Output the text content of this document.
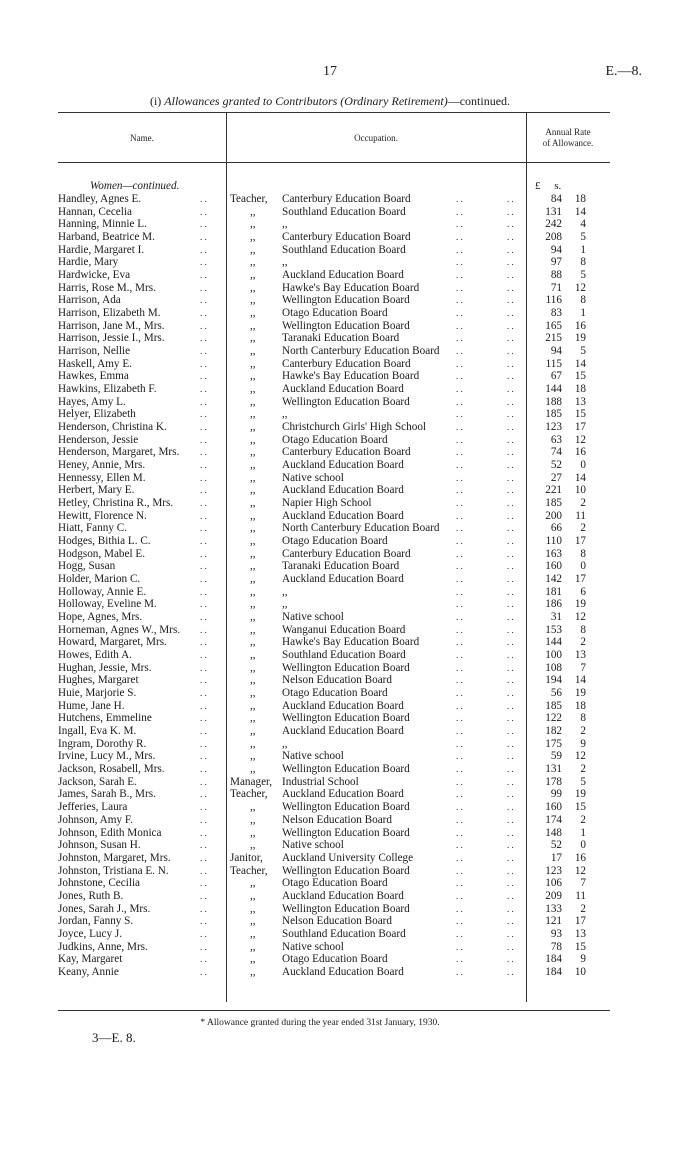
17	E.—8.
(i) Allowances granted to Contributors (Ordinary Retirement)—continued.
Name.	Occupation.
Annual Rate
of Allowance.
Women—continued.	£ s.
Handley, Agnes E.	. .	Teacher,	Canterbury Education Board	. .	. .	84	18
Hannan, Cecelia	. .	,,	Southland Education Board	. .	. .	131	14
Hanning, Minnie L.	. .	,,	,,	. .	. .	242	4
Harband, Beatrice M.	. .	,,	Canterbury Education Board	. .	. .	208	5
Hardie, Margaret I.	. .	,,	Southland Education Board	. .	. .	94	1
Hardie, Mary	. .	,,	,,	. .	. .	97	8
Hardwicke, Eva	. .	,,	Auckland Education Board	. .	. .	88	5
Harris, Rose M., Mrs.	. .	,,	Hawke's Bay Education Board	. .	. .	71	12
Harrison, Ada	. .	,,	Wellington Education Board	. .	. .	116	8
Harrison, Elizabeth M.	. .	,,	Otago Education Board	. .	. .	83	1
Harrison, Jane M., Mrs.	. .	,,	Wellington Education Board	. .	. .	165	16
Harrison, Jessie I., Mrs.	. .	,,	Taranaki Education Board	. .	. .	215	19
Harrison, Nellie	. .	,,	North Canterbury Education Board	. .	. .	94	5
Haskell, Amy E.	. .	,,	Canterbury Education Board	. .	. .	115	14
Hawkes, Emma	. .	,,	Hawke's Bay Education Board	. .	. .	67	15
Hawkins, Elizabeth F.	. .	,,	Auckland Education Board	. .	. .	144	18
Hayes, Amy L.	. .	,,	Wellington Education Board	. .	. .	188	13
Helyer, Elizabeth	. .	,,	,,	. .	. .	185	15
Henderson, Christina K.	. .	,,	Christchurch Girls' High School	. .	. .	123	17
Henderson, Jessie	. .	,,	Otago Education Board	. .	. .	63	12
Henderson, Margaret, Mrs.	. .	,,	Canterbury Education Board	. .	. .	74	16
Heney, Annie, Mrs.	. .	,,	Auckland Education Board	. .	. .	52	0
Hennessy, Ellen M.	. .	,,	Native school	. .	. .	27	14
Herbert, Mary E.	. .	,,	Auckland Education Board	. .	. .	221	10
Hetley, Christina R., Mrs.	. .	,,	Napier High School	. .	. .	185	2
Hewitt, Florence N.	. .	,,	Auckland Education Board	. .	. .	200	11
Hiatt, Fanny C.	. .	,,	North Canterbury Education Board	. .	. .	66	2
Hodges, Bithia L. C.	. .	,,	Otago Education Board	. .	. .	110	17
Hodgson, Mabel E.	. .	,,	Canterbury Education Board	. .	. .	163	8
Hogg, Susan	. .	,,	Taranaki Education Board	. .	. .	160	0
Holder, Marion C.	. .	,,	Auckland Education Board	. .	. .	142	17
Holloway, Annie E.	. .	,,	,,	. .	. .	181	6
Holloway, Eveline M.	. .	,,	,,	. .	. .	186	19
Hope, Agnes, Mrs.	. .	,,	Native school	. .	. .	31	12
Horneman, Agnes W., Mrs.	. .	,,	Wanganui Education Board	. .	. .	153	8
Howard, Margaret, Mrs.	. .	,,	Hawke's Bay Education Board	. .	. .	144	2
Howes, Edith A.	. .	,,	Southland Education Board	. .	. .	100	13
Hughan, Jessie, Mrs.	. .	,,	Wellington Education Board	. .	. .	108	7
Hughes, Margaret	. .	,,	Nelson Education Board	. .	. .	194	14
Huie, Marjorie S.	. .	,,	Otago Education Board	. .	. .	56	19
Hume, Jane H.	. .	,,	Auckland Education Board	. .	. .	185	18
Hutchens, Emmeline	. .	,,	Wellington Education Board	. .	. .	122	8
Ingall, Eva K. M.	. .	,,	Auckland Education Board	. .	. .	182	2
Ingram, Dorothy R.	. .	,,	,,	. .	. .	175	9
Irvine, Lucy M., Mrs.	. .	,,	Native school	. .	. .	59	12
Jackson, Rosabell, Mrs.	. .	,,	Wellington Education Board	. .	. .	131	2
Jackson, Sarah E.	. .	Manager, Industrial School	. .	. .	178	5
James, Sarah B., Mrs.	. .	Teacher,	Auckland Education Board	. .	. .	99	19
Jefferies, Laura	. .	,,	Wellington Education Board	. .	. .	160	15
Johnson, Amy F.	. .	,,	Nelson Education Board	. .	. .	174	2
Johnson, Edith Monica	. .	,,	Wellington Education Board	. .	. .	148	1
Johnson, Susan H.	. .	,,	Native school	. .	. .	52	0
Johnston, Margaret, Mrs.	. .	Janitor,	Auckland University College	. .	. .	17	16
Johnston, Tristiana E. N.	. .	Teacher,	Wellington Education Board	. .	. .	123	12
Johnstone, Cecilia	. .	,,	Otago Education Board	. .	. .	106	7
Jones, Ruth B.	. .	,,	Auckland Education Board	. .	. .	209	11
Jones, Sarah J., Mrs.	. .	,,	Wellington Education Board	. .	. .	133	2
Jordan, Fanny S.	. .	,,	Nelson Education Board	. .	. .	121	17
Joyce, Lucy J.	. .	,,	Southland Education Board	. .	. .	93	13
Judkins, Anne, Mrs.	. .	,,	Native school	. .	. .	78	15
Kay, Margaret	. .	,,	Otago Education Board	. .	. .	184	9
Keany, Annie	. .	,,	Auckland Education Board	. .	. .	184	10
* Allowance granted during the year ended 31st January, 1930.
3—E. 8.
